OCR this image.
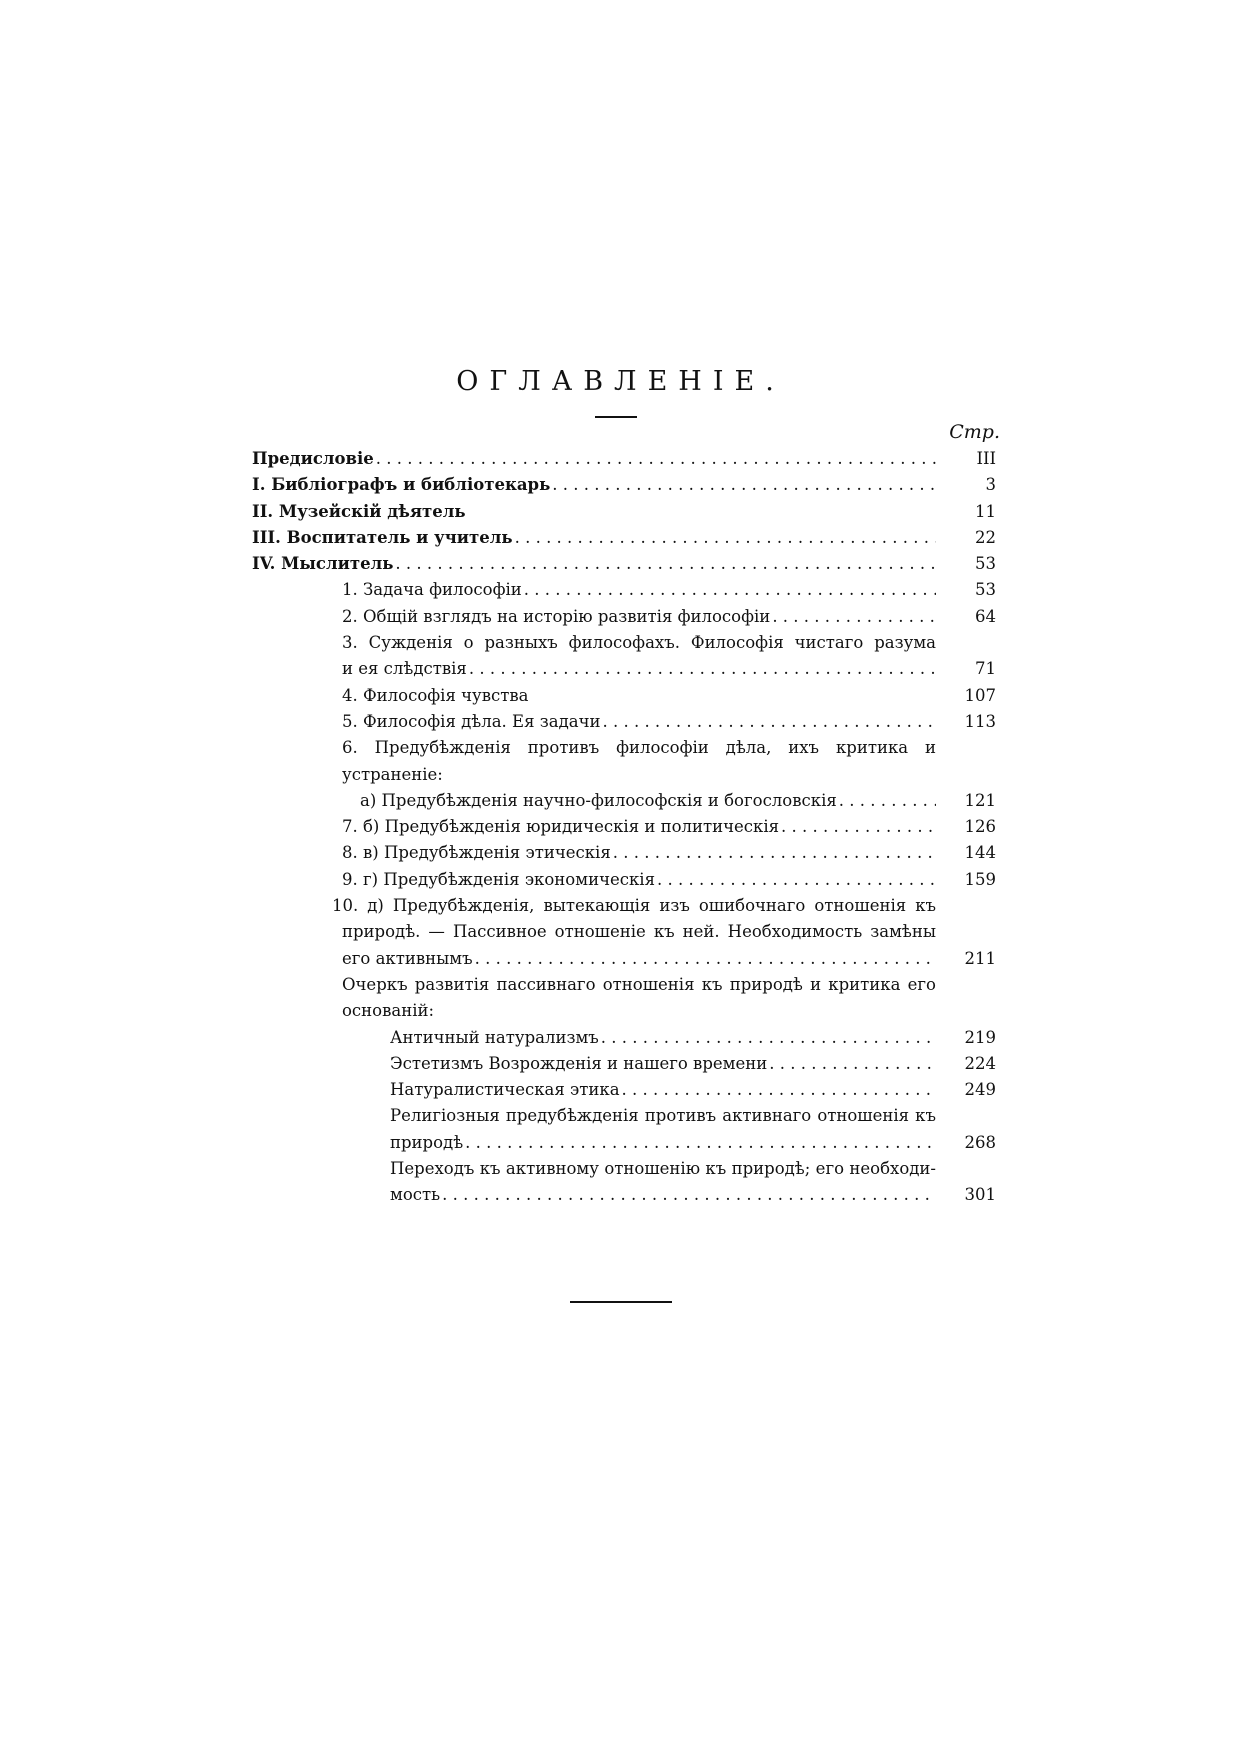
ОГЛАВЛЕНІЕ.
Стр.
Предисловіе . . .	III
I. Библіографъ и библіотекарь . . .	3
II. Музейскій дѣятель	11
III. Воспитатель и учитель . . .	22
IV. Мыслитель . . .	53
1. Задача философіи . . .	53
2. Общій взглядъ на исторію развитія философіи . . .	64
3. Сужденія о разныхъ философахъ. Философія чистаго разума
и ея слѣдствія . . .	71
4. Философія чувства	107
5. Философія дѣла. Ея задачи . . .	113
6. Предубѣжденія противъ философіи дѣла, ихъ критика и
устраненіе:
а) Предубѣжденія научно-философскія и богословскія . . .	121
7. б) Предубѣжденія юридическія и политическія . . .	126
8. в) Предубѣжденія этическія . . .	144
9. г) Предубѣжденія экономическія . . .	159
10. д) Предубѣжденія, вытекающія изъ ошибочнаго отношенія къ
природѣ. — Пассивное отношеніе къ ней. Необходимость замѣны
его активнымъ . . .	211
Очеркъ развитія пассивнаго отношенія къ природѣ и критика его
основаній:
Античный натурализмъ . . .	219
Эстетизмъ Возрожденія и нашего времени . . .	224
Натуралистическая этика . . .	249
Религіозныя предубѣжденія противъ активнаго отношенія къ
природѣ . . .	268
Переходъ къ активному отношенію къ природѣ; его необходи-
мость . . .	301
